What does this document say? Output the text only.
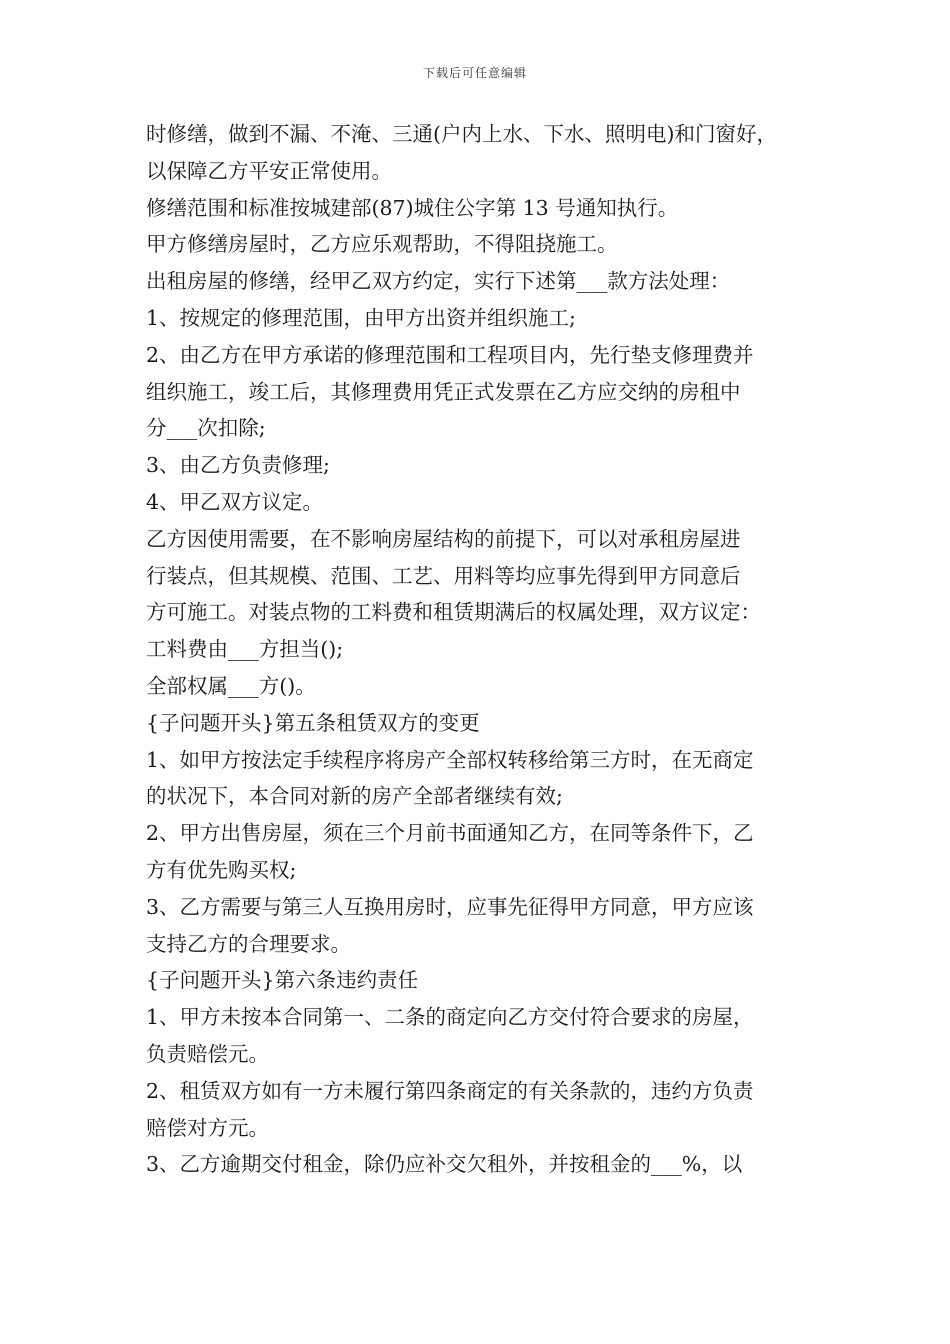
下载后可任意编辑
时修缮，做到不漏、不淹、三通(户内上水、下水、照明电)和门窗好，
以保障乙方平安正常使用。
修缮范围和标准按城建部(87)城住公字第 13 号通知执行。
甲方修缮房屋时，乙方应乐观帮助，不得阻挠施工。
出租房屋的修缮，经甲乙双方约定，实行下述第___款方法处理：
1、按规定的修理范围，由甲方出资并组织施工;
2、由乙方在甲方承诺的修理范围和工程项目内，先行垫支修理费并
组织施工，竣工后，其修理费用凭正式发票在乙方应交纳的房租中
分___次扣除;
3、由乙方负责修理;
4、甲乙双方议定。
乙方因使用需要，在不影响房屋结构的前提下，可以对承租房屋进
行装点，但其规模、范围、工艺、用料等均应事先得到甲方同意后
方可施工。对装点物的工料费和租赁期满后的权属处理，双方议定：
工料费由___方担当();
全部权属___方()。
{子问题开头}第五条租赁双方的变更
1、如甲方按法定手续程序将房产全部权转移给第三方时，在无商定
的状况下，本合同对新的房产全部者继续有效;
2、甲方出售房屋，须在三个月前书面通知乙方，在同等条件下，乙
方有优先购买权;
3、乙方需要与第三人互换用房时，应事先征得甲方同意，甲方应该
支持乙方的合理要求。
{子问题开头}第六条违约责任
1、甲方未按本合同第一、二条的商定向乙方交付符合要求的房屋，
负责赔偿元。
2、租赁双方如有一方未履行第四条商定的有关条款的，违约方负责
赔偿对方元。
3、乙方逾期交付租金，除仍应补交欠租外，并按租金的___%，以
